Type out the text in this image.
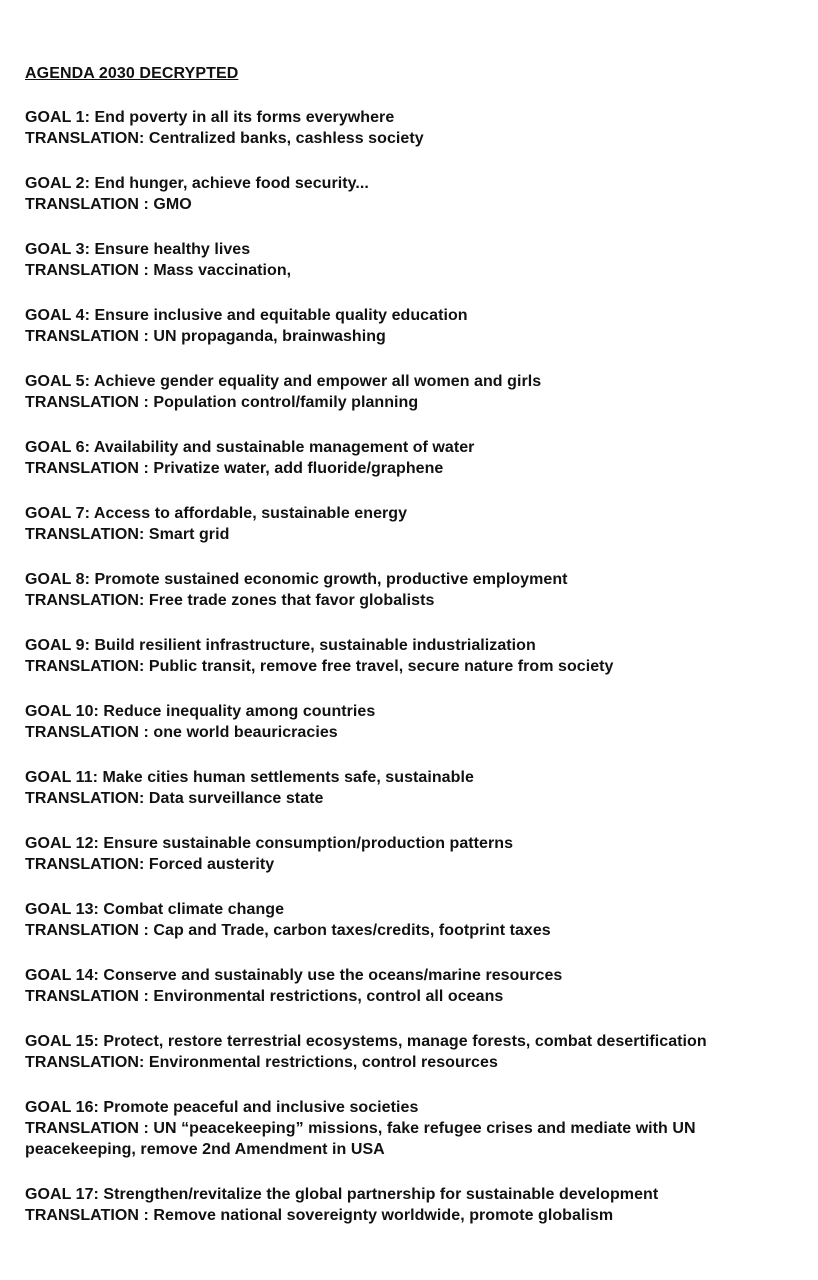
AGENDA 2030 DECRYPTED
GOAL 1: End poverty in all its forms everywhere
TRANSLATION: Centralized banks, cashless society
GOAL 2: End hunger, achieve food security...
TRANSLATION : GMO
GOAL 3: Ensure healthy lives
TRANSLATION : Mass vaccination,
GOAL 4: Ensure inclusive and equitable quality education
TRANSLATION : UN propaganda, brainwashing
GOAL 5: Achieve gender equality and empower all women and girls
TRANSLATION : Population control/family planning
GOAL 6: Availability and sustainable management of water
TRANSLATION : Privatize water, add fluoride/graphene
GOAL 7: Access to affordable, sustainable energy
TRANSLATION: Smart grid
GOAL 8: Promote sustained economic growth, productive employment
TRANSLATION: Free trade zones that favor globalists
GOAL 9: Build resilient infrastructure, sustainable industrialization
TRANSLATION: Public transit, remove free travel, secure nature from society
GOAL 10: Reduce inequality among countries
TRANSLATION : one world beauricracies
GOAL 11: Make cities human settlements safe, sustainable
TRANSLATION: Data surveillance state
GOAL 12: Ensure sustainable consumption/production patterns
TRANSLATION: Forced austerity
GOAL 13: Combat climate change
TRANSLATION : Cap and Trade, carbon taxes/credits, footprint taxes
GOAL 14: Conserve and sustainably use the oceans/marine resources
TRANSLATION : Environmental restrictions, control all oceans
GOAL 15: Protect, restore terrestrial ecosystems, manage forests, combat desertification
TRANSLATION: Environmental restrictions, control resources
GOAL 16: Promote peaceful and inclusive societies
TRANSLATION : UN “peacekeeping” missions, fake refugee crises and mediate with UN peacekeeping, remove 2nd Amendment in USA
GOAL 17: Strengthen/revitalize the global partnership for sustainable development
TRANSLATION : Remove national sovereignty worldwide, promote globalism
